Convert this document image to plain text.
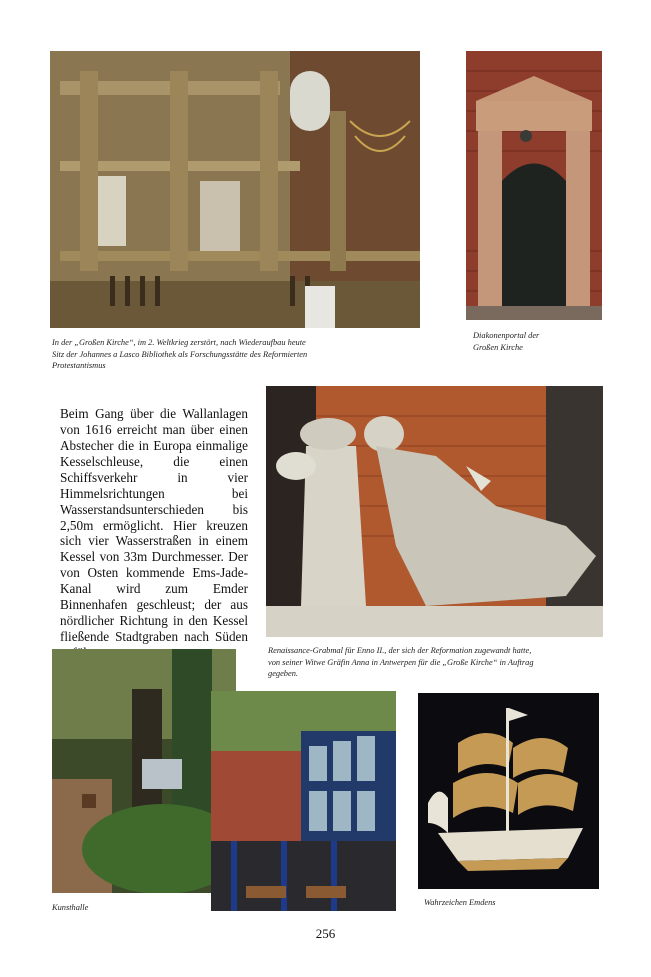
In der „Großen Kirche“, im 2. Weltkrieg zerstört, nach Wiederaufbau heute
Sitz der Johannes a Lasco Bibliothek als Forschungsstätte des Reformierten
Protestantismus

Diakonenportal der
Großen Kirche

Beim Gang über die Wallanlagen von 1616 erreicht man über einen Abstecher die in Europa einmalige Kesselschleuse, die einen Schiffsverkehr in vier Himmelsrichtungen bei Wasserstandsunterschieden bis 2,50m ermöglicht. Hier kreuzen sich vier Wasserstraßen in einem Kessel von 33m Durchmesser. Der von Osten kommende Ems-Jade-Kanal wird zum Emder Binnenhafen geschleust; der aus nördlicher Richtung in den Kessel fließende Stadtgraben nach Süden

Renaissance-Grabmal für Enno II., der sich der Reformation zugewandt hatte,
von seiner Witwe Gräfin Anna in Antwerpen für die „Große Kirche“ in Auftrag
gegeben.

Kunsthalle

Wahrzeichen Emdens

256
